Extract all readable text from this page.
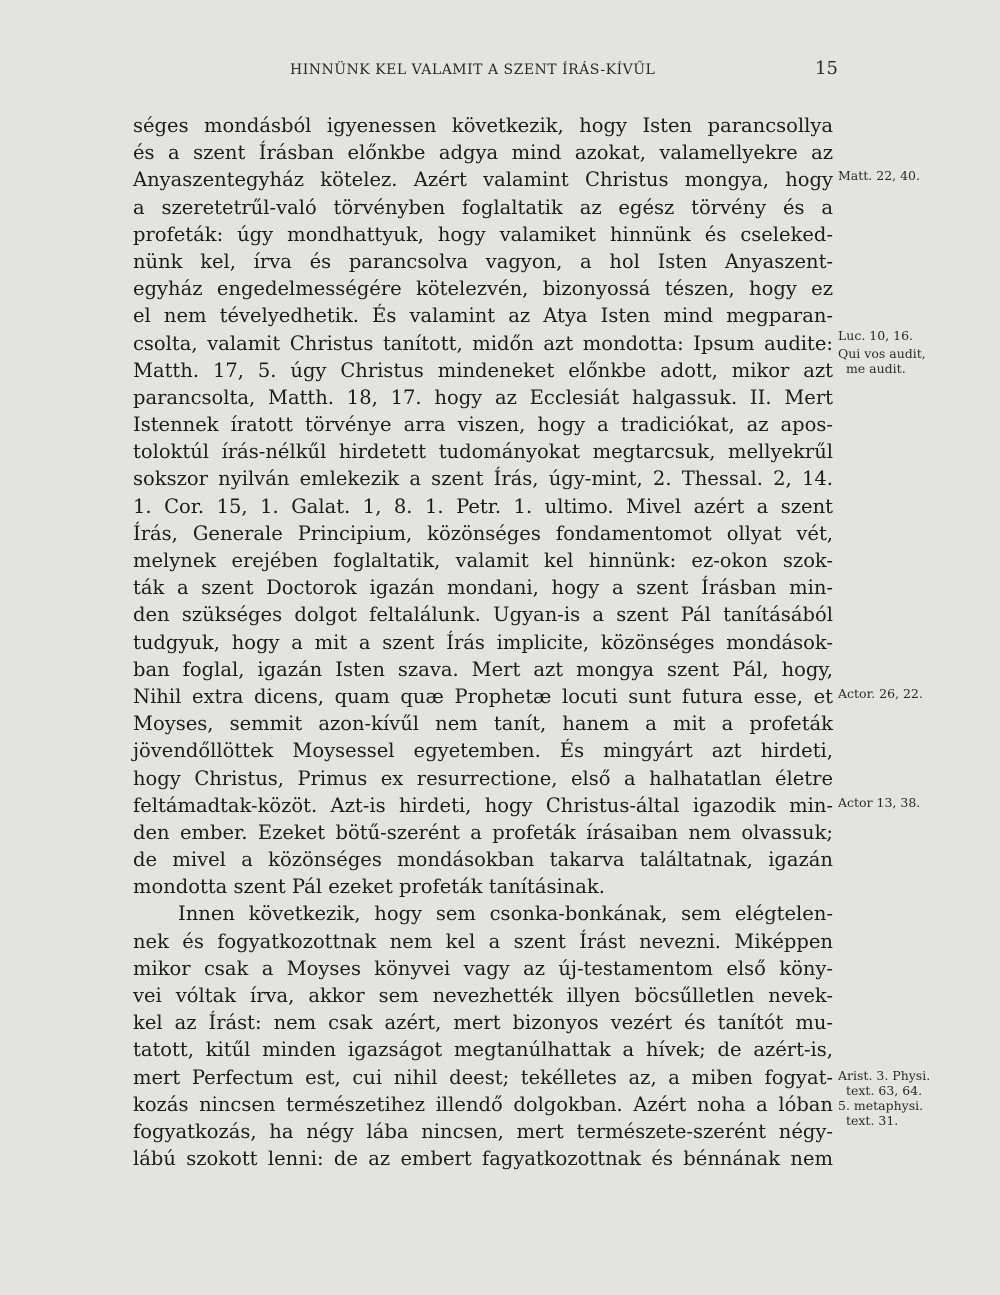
HINNÜNK KEL VALAMIT A SZENT ÍRÁS-KÍVŰL	15
séges mondásból igyenessen következik, hogy Isten parancsollya
és a szent Írásban előnkbe adgya mind azokat, valamellyekre az
Anyaszentegyház kötelez. Azért valamint Christus mongya, hogy
a szeretetrűl-való törvényben foglaltatik az egész törvény és a
profeták: úgy mondhattyuk, hogy valamiket hinnünk és cseleked-
nünk kel, írva és parancsolva vagyon, a hol Isten Anyaszent-
egyház engedelmességére kötelezvén, bizonyossá tészen, hogy ez
el nem tévelyedhetik. És valamint az Atya Isten mind megparan-
csolta, valamit Christus tanított, midőn azt mondotta: Ipsum audite:
Matth. 17, 5. úgy Christus mindeneket előnkbe adott, mikor azt
parancsolta, Matth. 18, 17. hogy az Ecclesiát halgassuk. II. Mert
Istennek íratott törvénye arra viszen, hogy a tradiciókat, az apos-
toloktúl írás-nélkűl hirdetett tudományokat megtarcsuk, mellyekrűl
sokszor nyilván emlekezik a szent Írás, úgy-mint, 2. Thessal. 2, 14.
1. Cor. 15, 1. Galat. 1, 8. 1. Petr. 1. ultimo. Mivel azért a szent
Írás, Generale Principium, közönséges fondamentomot ollyat vét,
melynek erejében foglaltatik, valamit kel hinnünk: ez-okon szok-
ták a szent Doctorok igazán mondani, hogy a szent Írásban min-
den szükséges dolgot feltalálunk. Ugyan-is a szent Pál tanításából
tudgyuk, hogy a mit a szent Írás implicite, közönséges mondások-
ban foglal, igazán Isten szava. Mert azt mongya szent Pál, hogy,
Nihil extra dicens, quam quæ Prophetæ locuti sunt futura esse, et
Moyses, semmit azon-kívűl nem tanít, hanem a mit a profeták
jövendőllöttek Moysessel egyetemben. És mingyárt azt hirdeti,
hogy Christus, Primus ex resurrectione, első a halhatatlan életre
feltámadtak-közöt. Azt-is hirdeti, hogy Christus-által igazodik min-
den ember. Ezeket bötű-szerént a profeták írásaiban nem olvassuk;
de mivel a közönséges mondásokban takarva találtatnak, igazán
mondotta szent Pál ezeket profeták tanításinak.
Innen következik, hogy sem csonka-bonkának, sem elégtelen-
nek és fogyatkozottnak nem kel a szent Írást nevezni. Miképpen
mikor csak a Moyses könyvei vagy az új-testamentom első köny-
vei vóltak írva, akkor sem nevezhették illyen böcsűlletlen nevek-
kel az Írást: nem csak azért, mert bizonyos vezért és tanítót mu-
tatott, kitűl minden igazságot megtanúlhattak a hívek; de azért-is,
mert Perfectum est, cui nihil deest; tekélletes az, a miben fogyat-
kozás nincsen természetihez illendő dolgokban. Azért noha a lóban
fogyatkozás, ha négy lába nincsen, mert természete-szerént négy-
lábú szokott lenni: de az embert fagyatkozottnak és bénnának nem
Matt. 22, 40.
Luc. 10, 16.
Qui vos audit,
me audit.
Actor. 26, 22.
Actor 13, 38.
Arist. 3. Physi.
text. 63, 64.
5. metaphysi.
text. 31.
